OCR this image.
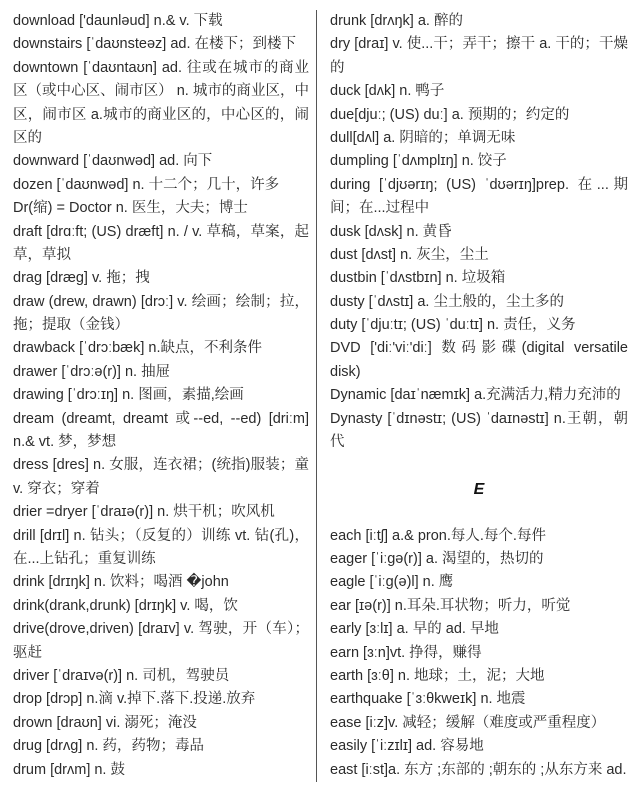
download ['daunləud] n.& v. 下载
downstairs [ˈdaʊnsteəz] ad. 在楼下；到楼下
downtown [ˈdaʊntaʊn] ad. 往或在城市的商业
区（或中心区、闹市区） n. 城市的商业区，中
区，闹市区 a.城市的商业区的，中心区的，闹
区的
downward [ˈdaʊnwəd] ad. 向下
dozen [ˈdaʊnwəd] n. 十二个；几十，许多
Dr(缩) = Doctor n. 医生，大夫；博士
draft [drɑːft; (US) dræft] n. / v. 草稿，草案，起
草，草拟
drag [dræg] v. 拖；拽
draw (drew, drawn) [drɔː] v. 绘画；绘制；拉，
拖；提取（金钱）
drawback [ˈdrɔːbæk] n.缺点，不利条件
drawer [ˈdrɔːə(r)] n. 抽屉
drawing [ˈdrɔːɪŋ] n. 图画，素描,绘画
dream (dreamt, dreamt 或--ed, --ed) [driːm]
n.& vt. 梦，梦想
dress [dres] n. 女服，连衣裙；(统指)服装；童
v. 穿衣；穿着
drier =dryer [ˈdraɪə(r)] n. 烘干机；吹风机
drill [drɪl] n. 钻头；（反复的）训练 vt. 钻(孔)，
在...上钻孔；重复训练
drink [drɪŋk] n. 饮料；喝酒 �john
drink(drank,drunk) [drɪŋk] v. 喝，饮
drive(drove,driven) [draɪv] v. 驾驶，开（车）；
驱赶
driver [ˈdraɪvə(r)] n. 司机，驾驶员
drop [drɔp] n.滴 v.掉下.落下.投递.放弃
drown [draʊn] vi. 溺死；淹没
drug [drʌg] n. 药，药物；毒品
drum [drʌm] n. 鼓
drunk [drʌŋk] a. 醉的
dry [draɪ] v. 使...干；弄干；擦干 a. 干的；干燥
的
duck [dʌk] n. 鸭子
due[djuː; (US) duː] a. 预期的；约定的
dull[dʌl] a. 阴暗的；单调无味
dumpling [ˈdʌmplɪŋ] n. 饺子
during [ˈdjʊərɪŋ; (US) ˈdʊərɪŋ]prep. 在...期
间；在...过程中
dusk [dʌsk] n. 黄昏
dust [dʌst] n. 灰尘，尘土
dustbin [ˈdʌstbɪn] n. 垃圾箱
dusty [ˈdʌstɪ] a. 尘土般的，尘土多的
duty [ˈdjuːtɪ; (US) ˈduːtɪ] n. 责任，义务
DVD ['diː'viː'diː] 数码影碟(digital versatile
disk)
Dynamic [daɪˈnæmɪk] a.充满活力,精力充沛的
Dynasty [ˈdɪnəstɪ; (US) ˈdaɪnəstɪ] n.王朝，朝
代
E
each [iːtʃ] a.& pron.每人.每个.每件
eager [ˈiːgə(r)] a. 渴望的，热切的
eagle [ˈiːg(ə)l] n. 鹰
ear [ɪə(r)] n.耳朵.耳状物；听力，听觉
early [ɜːlɪ] a. 早的 ad. 早地
earn [ɜːn]vt. 挣得，赚得
earth [ɜːθ] n. 地球；土，泥；大地
earthquake [ˈɜːθkweɪk] n. 地震
ease [iːz]v. 减轻；缓解（难度或严重程度）
easily [ˈiːzɪlɪ] ad. 容易地
east [iːst]a. 东方 ;东部的 ;朝东的 ;从东方来 ad.
